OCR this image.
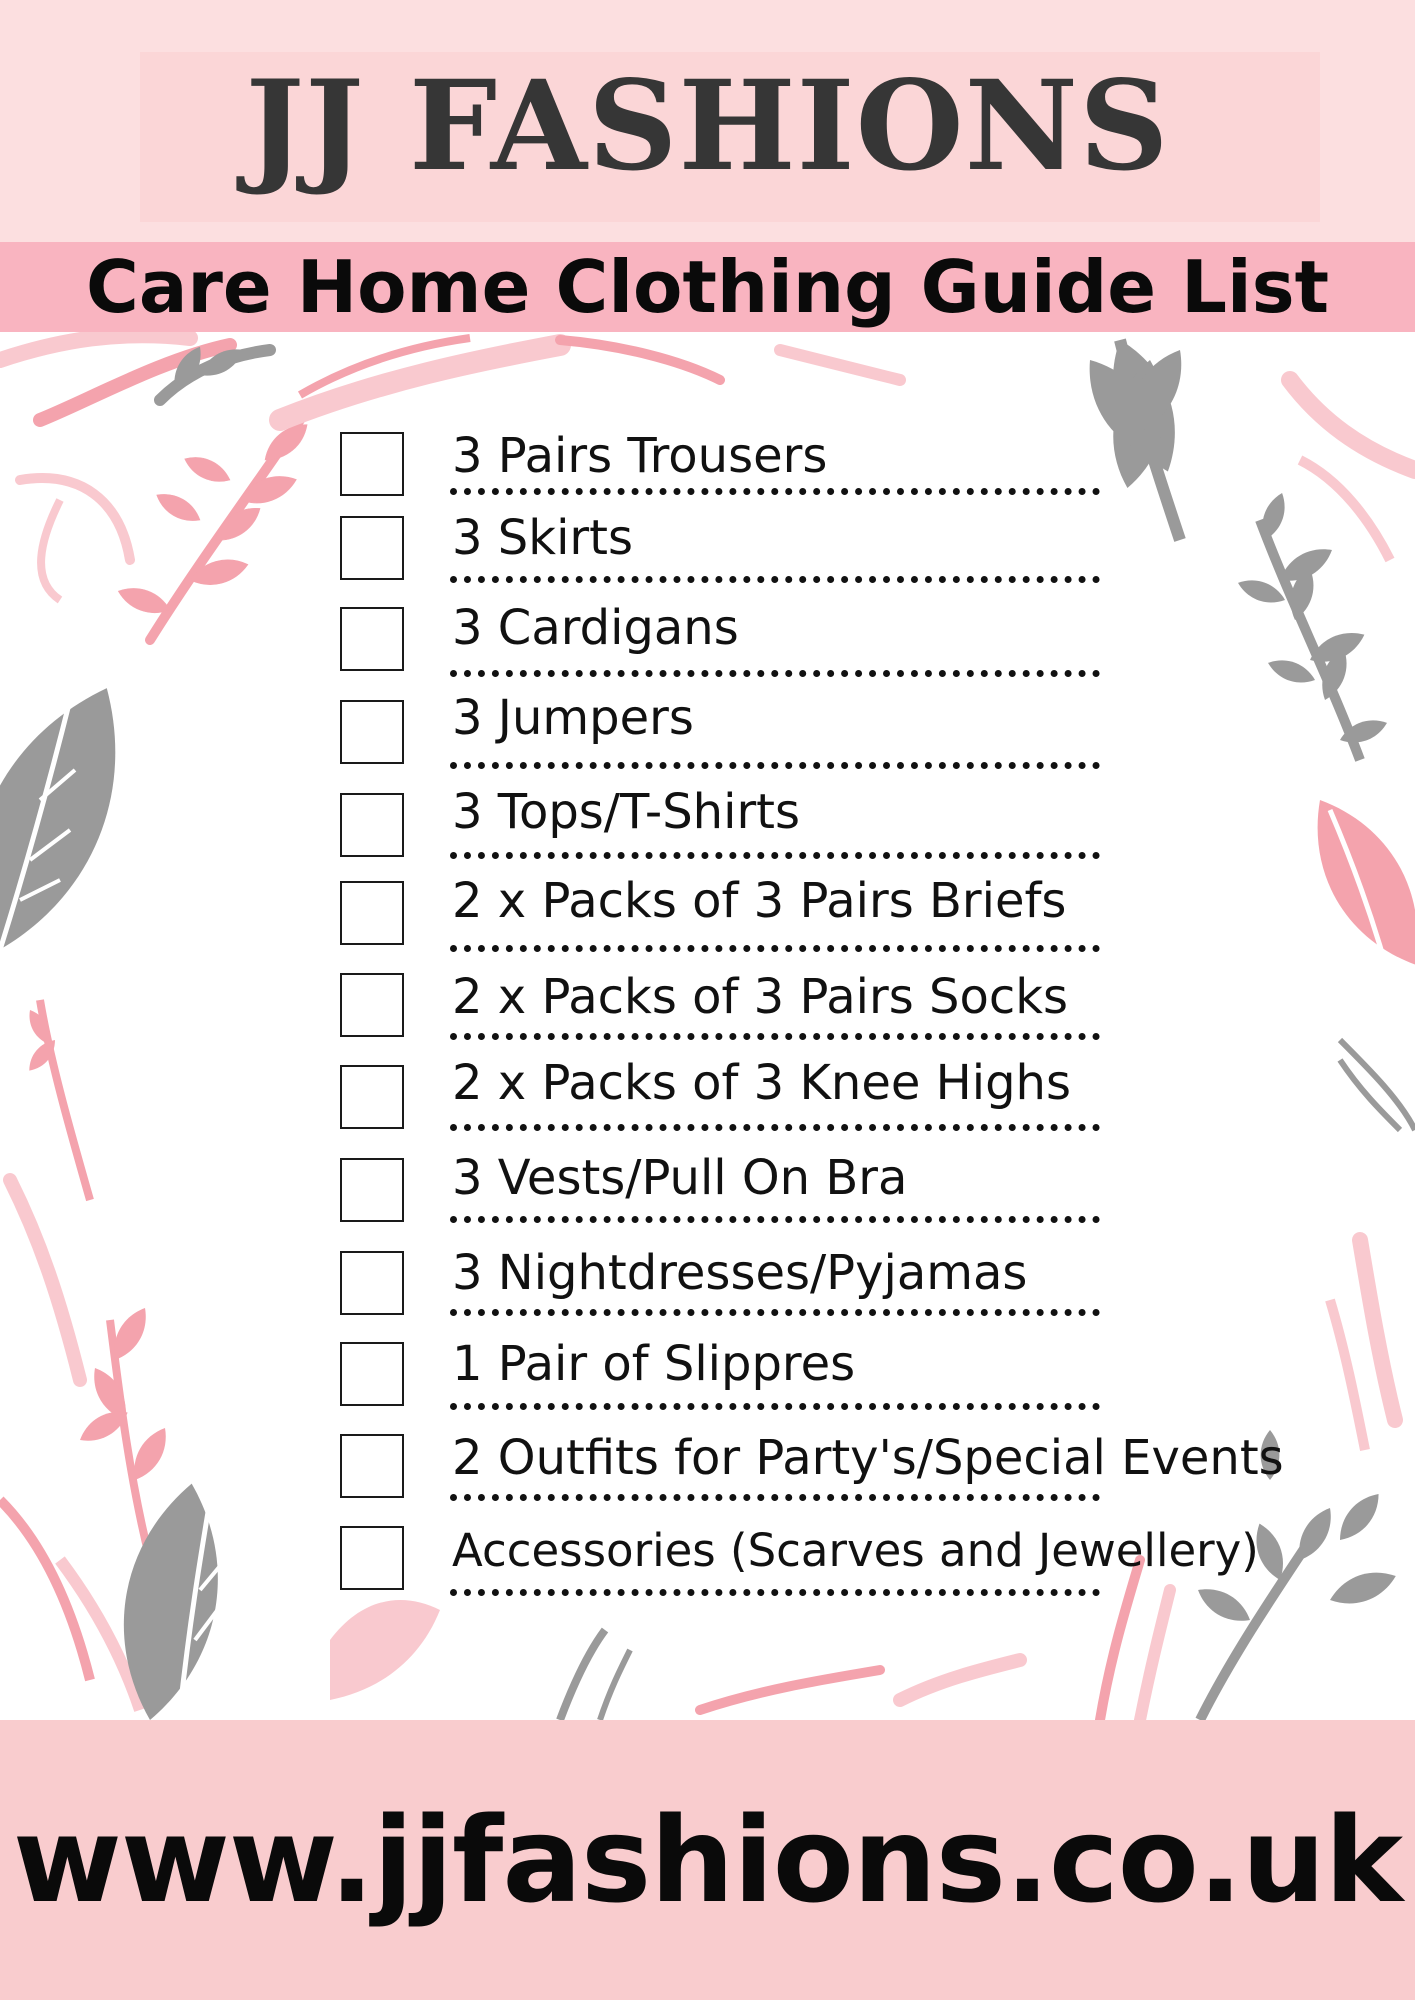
JJ FASHIONS
Care Home Clothing Guide List
3 Pairs Trousers
3 Skirts
3 Cardigans
3 Jumpers
3 Tops/T-Shirts
2 x Packs of 3 Pairs Briefs
2 x Packs of 3 Pairs Socks
2 x Packs of 3 Knee Highs
3 Vests/Pull On Bra
3 Nightdresses/Pyjamas
1 Pair of Slippres
2 Outfits for Party's/Special Events
Accessories (Scarves and Jewellery)
www.jjfashions.co.uk
